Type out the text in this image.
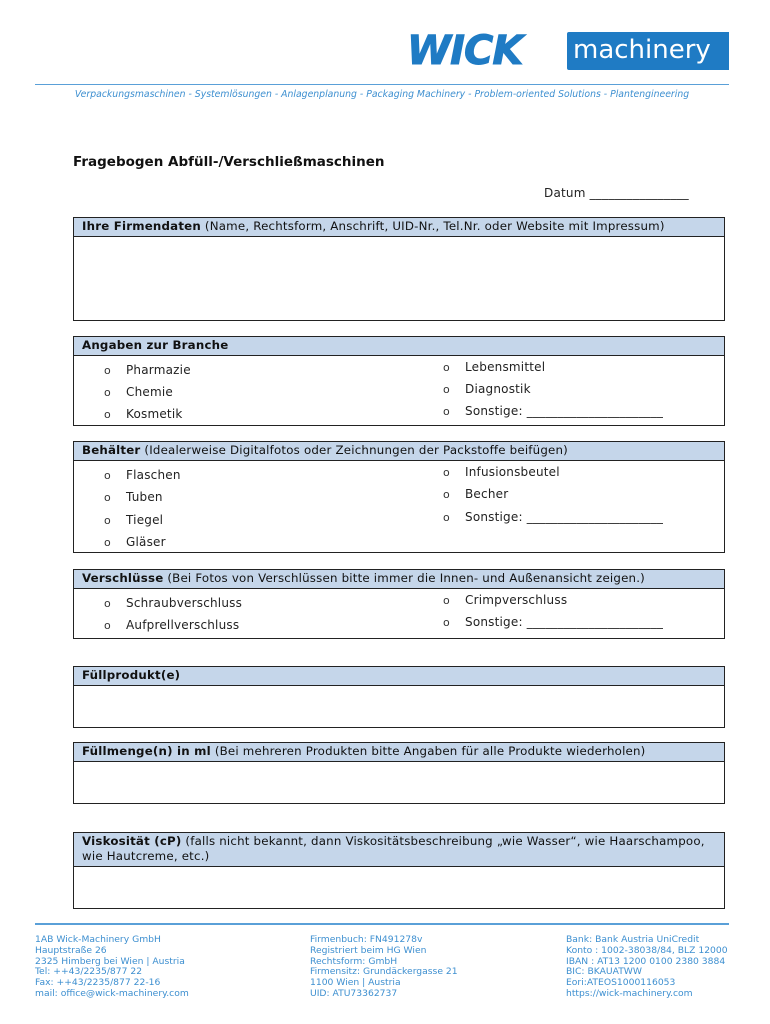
WICK	machinery
Verpackungsmaschinen - Systemlösungen - Anlagenplanung - Packaging Machinery - Problem-oriented Solutions - Plantengineering
Fragebogen Abfüll-/Verschließmaschinen
Datum ________________
Ihre Firmendaten (Name, Rechtsform, Anschrift, UID-Nr., Tel.Nr. oder Website mit Impressum)
Angaben zur Branche
o Pharmazie
o Chemie
o Kosmetik
o Lebensmittel
o Diagnostik
o Sonstige: ______________________
Behälter (Idealerweise Digitalfotos oder Zeichnungen der Packstoffe beifügen)
o Flaschen
o Tuben
o Tiegel
o Gläser
o Infusionsbeutel
o Becher
o Sonstige: ______________________
Verschlüsse (Bei Fotos von Verschlüssen bitte immer die Innen- und Außenansicht zeigen.)
o Schraubverschluss
o Aufprellverschluss
o Crimpverschluss
o Sonstige: ______________________
Füllprodukt(e)
Füllmenge(n) in ml (Bei mehreren Produkten bitte Angaben für alle Produkte wiederholen)
Viskosität (cP) (falls nicht bekannt, dann Viskositätsbeschreibung „wie Wasser“, wie Haarschampoo, wie Hautcreme, etc.)
1AB Wick-Machinery GmbH
Hauptstraße 26
2325 Himberg bei Wien | Austria
Tel: ++43/2235/877 22
Fax: ++43/2235/877 22-16
mail: office@wick-machinery.com
Firmenbuch: FN491278v
Registriert beim HG Wien
Rechtsform: GmbH
Firmensitz: Grundäckergasse 21
1100 Wien | Austria
UID: ATU73362737
Bank: Bank Austria UniCredit
Konto : 1002-38038/84, BLZ 12000
IBAN : AT13 1200 0100 2380 3884
BIC: BKAUATWW
Eori:ATEOS1000116053
https://wick-machinery.com
